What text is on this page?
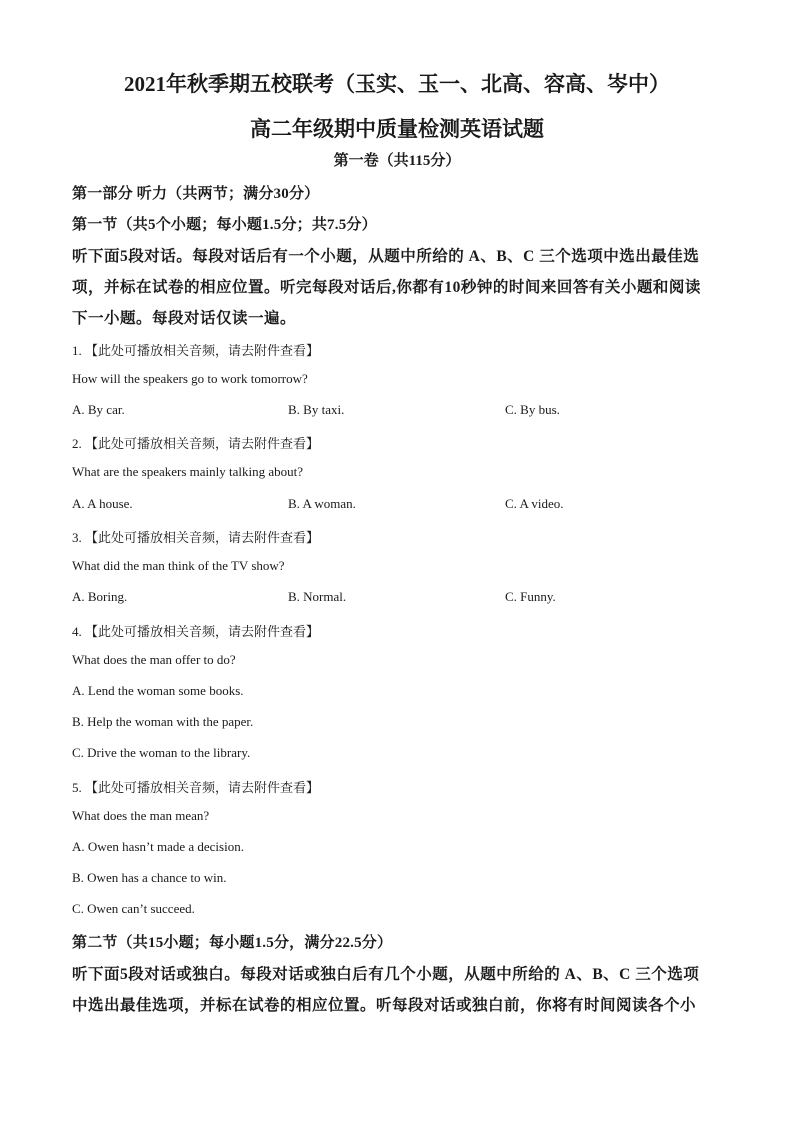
2021年秋季期五校联考（玉实、玉一、北高、容高、岑中）
高二年级期中质量检测英语试题
第一卷（共115分）
第一部分 听力（共两节；满分30分）
第一节（共5个小题；每小题1.5分；共7.5分）
听下面5段对话。每段对话后有一个小题，从题中所给的 A、B、C 三个选项中选出最佳选
项，并标在试卷的相应位置。听完每段对话后,你都有10秒钟的时间来回答有关小题和阅读
下一小题。每段对话仅读一遍。
1. 【此处可播放相关音频，请去附件查看】
How will the speakers go to work tomorrow?
A. By car.	B. By taxi.	C. By bus.
2. 【此处可播放相关音频，请去附件查看】
What are the speakers mainly talking about?
A. A house.	B. A woman.	C. A video.
3. 【此处可播放相关音频，请去附件查看】
What did the man think of the TV show?
A. Boring.	B. Normal.	C. Funny.
4. 【此处可播放相关音频，请去附件查看】
What does the man offer to do?
A. Lend the woman some books.
B. Help the woman with the paper.
C. Drive the woman to the library.
5. 【此处可播放相关音频，请去附件查看】
What does the man mean?
A. Owen hasn’t made a decision.
B. Owen has a chance to win.
C. Owen can’t succeed.
第二节（共15小题；每小题1.5分，满分22.5分）
听下面5段对话或独白。每段对话或独白后有几个小题，从题中所给的 A、B、C 三个选项
中选出最佳选项，并标在试卷的相应位置。听每段对话或独白前，你将有时间阅读各个小
